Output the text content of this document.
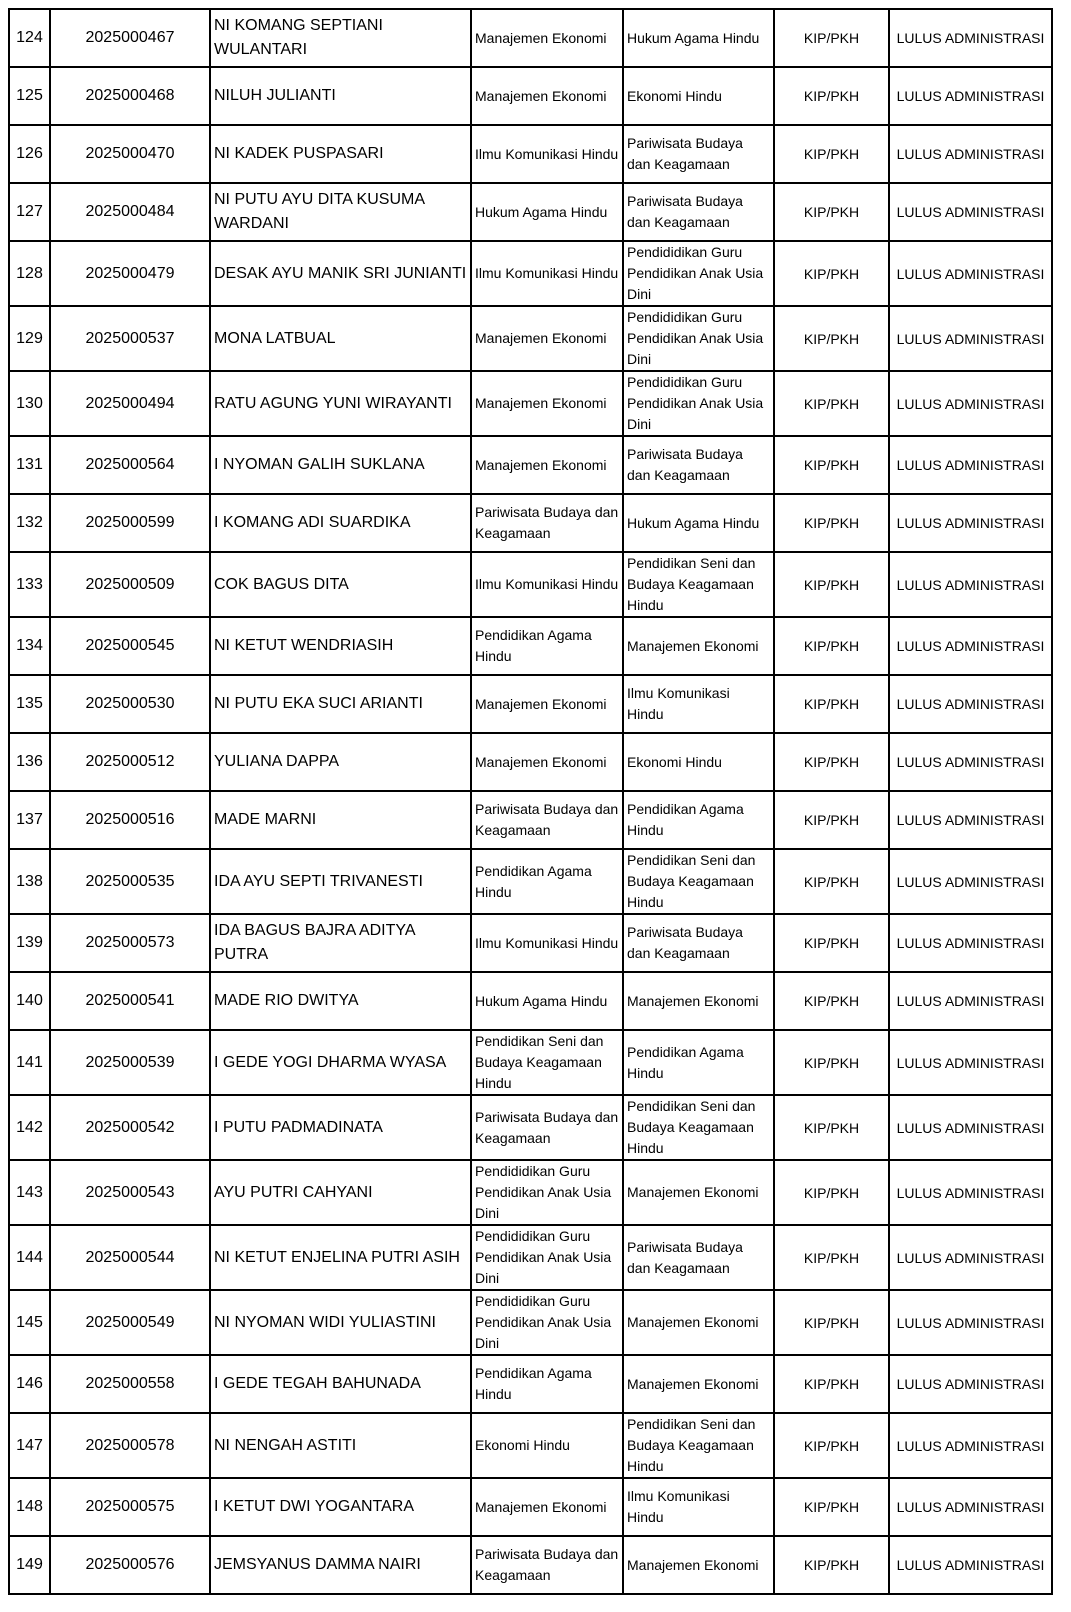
124	2025000467	NI KOMANG SEPTIANI WULANTARI	Manajemen Ekonomi	Hukum Agama Hindu	KIP/PKH	LULUS ADMINISTRASI

125	2025000468	NILUH JULIANTI	Manajemen Ekonomi	Ekonomi Hindu	KIP/PKH	LULUS ADMINISTRASI

126	2025000470	NI KADEK PUSPASARI	Ilmu Komunikasi Hindu	Pariwisata Budaya dan Keagamaan	KIP/PKH	LULUS ADMINISTRASI

127	2025000484	NI PUTU AYU DITA KUSUMA WARDANI	Hukum Agama Hindu	Pariwisata Budaya dan Keagamaan	KIP/PKH	LULUS ADMINISTRASI

128	2025000479	DESAK AYU MANIK SRI JUNIANTI	Ilmu Komunikasi Hindu	Pendididikan Guru Pendidikan Anak Usia Dini	KIP/PKH	LULUS ADMINISTRASI

129	2025000537	MONA LATBUAL	Manajemen Ekonomi	Pendididikan Guru Pendidikan Anak Usia Dini	KIP/PKH	LULUS ADMINISTRASI

130	2025000494	RATU AGUNG YUNI WIRAYANTI	Manajemen Ekonomi	Pendididikan Guru Pendidikan Anak Usia Dini	KIP/PKH	LULUS ADMINISTRASI

131	2025000564	I NYOMAN GALIH SUKLANA	Manajemen Ekonomi	Pariwisata Budaya dan Keagamaan	KIP/PKH	LULUS ADMINISTRASI

132	2025000599	I KOMANG ADI SUARDIKA	Pariwisata Budaya dan Keagamaan	Hukum Agama Hindu	KIP/PKH	LULUS ADMINISTRASI

133	2025000509	COK BAGUS DITA	Ilmu Komunikasi Hindu	Pendidikan Seni dan Budaya Keagamaan Hindu	KIP/PKH	LULUS ADMINISTRASI

134	2025000545	NI KETUT WENDRIASIH	Pendidikan Agama Hindu	Manajemen Ekonomi	KIP/PKH	LULUS ADMINISTRASI

135	2025000530	NI PUTU EKA SUCI ARIANTI	Manajemen Ekonomi	Ilmu Komunikasi Hindu	KIP/PKH	LULUS ADMINISTRASI

136	2025000512	YULIANA DAPPA	Manajemen Ekonomi	Ekonomi Hindu	KIP/PKH	LULUS ADMINISTRASI

137	2025000516	MADE MARNI	Pariwisata Budaya dan Keagamaan	Pendidikan Agama Hindu	KIP/PKH	LULUS ADMINISTRASI

138	2025000535	IDA AYU SEPTI TRIVANESTI	Pendidikan Agama Hindu	Pendidikan Seni dan Budaya Keagamaan Hindu	KIP/PKH	LULUS ADMINISTRASI

139	2025000573	IDA BAGUS BAJRA ADITYA PUTRA	Ilmu Komunikasi Hindu	Pariwisata Budaya dan Keagamaan	KIP/PKH	LULUS ADMINISTRASI

140	2025000541	MADE RIO DWITYA	Hukum Agama Hindu	Manajemen Ekonomi	KIP/PKH	LULUS ADMINISTRASI

141	2025000539	I GEDE YOGI DHARMA WYASA	Pendidikan Seni dan Budaya Keagamaan Hindu	Pendidikan Agama Hindu	KIP/PKH	LULUS ADMINISTRASI

142	2025000542	I PUTU PADMADINATA	Pariwisata Budaya dan Keagamaan	Pendidikan Seni dan Budaya Keagamaan Hindu	KIP/PKH	LULUS ADMINISTRASI

143	2025000543	AYU PUTRI CAHYANI	Pendididikan Guru Pendidikan Anak Usia Dini	Manajemen Ekonomi	KIP/PKH	LULUS ADMINISTRASI

144	2025000544	NI KETUT ENJELINA PUTRI ASIH	Pendididikan Guru Pendidikan Anak Usia Dini	Pariwisata Budaya dan Keagamaan	KIP/PKH	LULUS ADMINISTRASI

145	2025000549	NI NYOMAN WIDI YULIASTINI	Pendididikan Guru Pendidikan Anak Usia Dini	Manajemen Ekonomi	KIP/PKH	LULUS ADMINISTRASI

146	2025000558	I GEDE TEGAH BAHUNADA	Pendidikan Agama Hindu	Manajemen Ekonomi	KIP/PKH	LULUS ADMINISTRASI

147	2025000578	NI NENGAH ASTITI	Ekonomi Hindu	Pendidikan Seni dan Budaya Keagamaan Hindu	KIP/PKH	LULUS ADMINISTRASI

148	2025000575	I KETUT DWI YOGANTARA	Manajemen Ekonomi	Ilmu Komunikasi Hindu	KIP/PKH	LULUS ADMINISTRASI

149	2025000576	JEMSYANUS DAMMA NAIRI	Pariwisata Budaya dan Keagamaan	Manajemen Ekonomi	KIP/PKH	LULUS ADMINISTRASI
